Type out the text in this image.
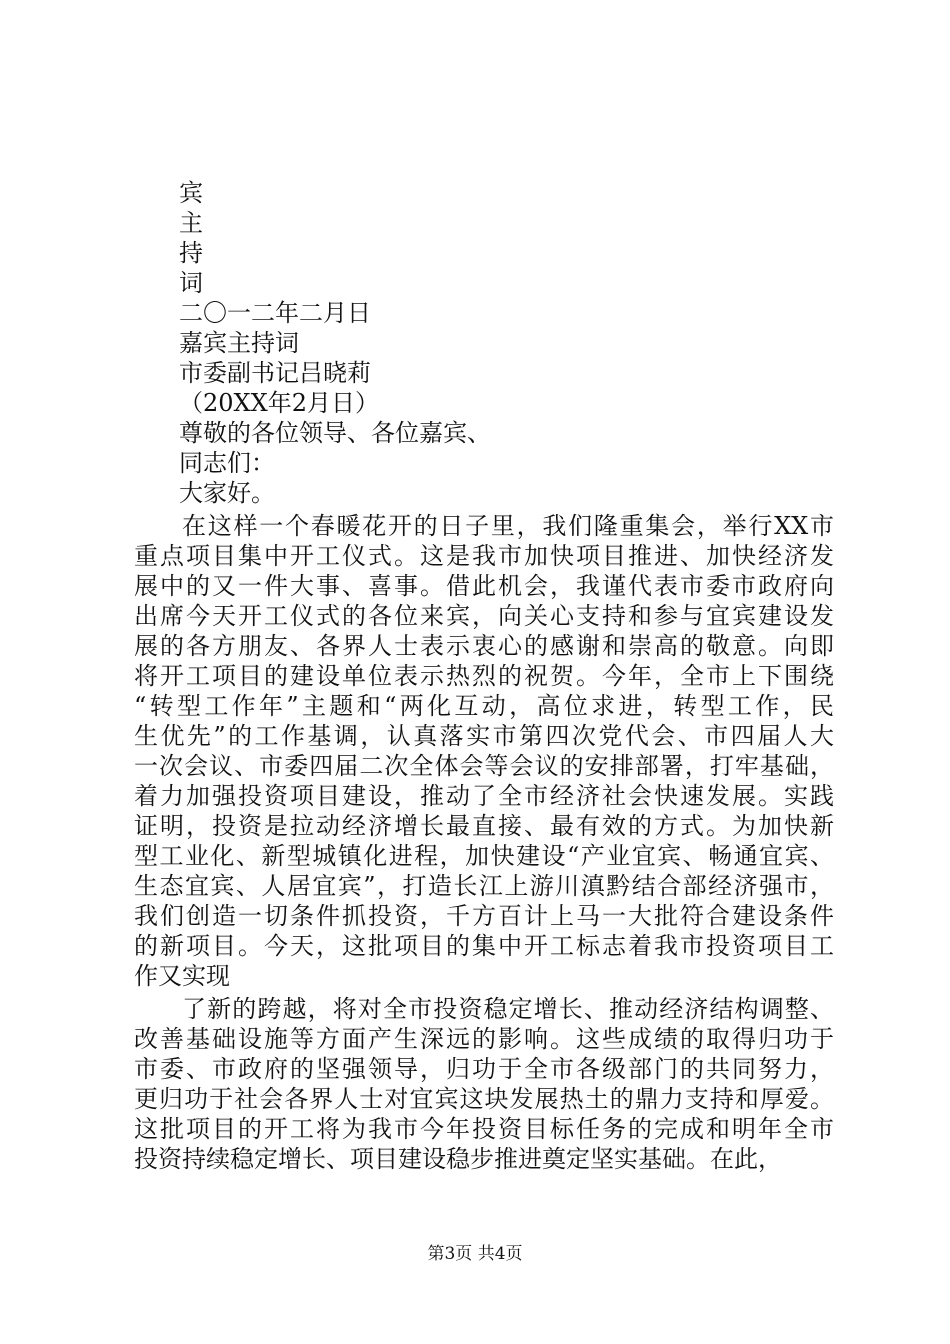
宾
主
持
词
二〇一二年二月日
嘉宾主持词
市委副书记吕晓莉
（20XX年2月日）
尊敬的各位领导、各位嘉宾、
同志们：
大家好。
在这样一个春暖花开的日子里，我们隆重集会，举行XX市
重点项目集中开工仪式。这是我市加快项目推进、加快经济发
展中的又一件大事、喜事。借此机会，我谨代表市委市政府向
出席今天开工仪式的各位来宾，向关心支持和参与宜宾建设发
展的各方朋友、各界人士表示衷心的感谢和崇高的敬意。向即
将开工项目的建设单位表示热烈的祝贺。今年，全市上下围绕
“转型工作年”主题和“两化互动，高位求进，转型工作，民
生优先”的工作基调，认真落实市第四次党代会、市四届人大
一次会议、市委四届二次全体会等会议的安排部署，打牢基础，
着力加强投资项目建设，推动了全市经济社会快速发展。实践
证明，投资是拉动经济增长最直接、最有效的方式。为加快新
型工业化、新型城镇化进程，加快建设“产业宜宾、畅通宜宾、
生态宜宾、人居宜宾”，打造长江上游川滇黔结合部经济强市，
我们创造一切条件抓投资，千方百计上马一大批符合建设条件
的新项目。今天，这批项目的集中开工标志着我市投资项目工
作又实现
了新的跨越，将对全市投资稳定增长、推动经济结构调整、
改善基础设施等方面产生深远的影响。这些成绩的取得归功于
市委、市政府的坚强领导，归功于全市各级部门的共同努力，
更归功于社会各界人士对宜宾这块发展热土的鼎力支持和厚爱。
这批项目的开工将为我市今年投资目标任务的完成和明年全市
投资持续稳定增长、项目建设稳步推进奠定坚实基础。在此，
第3页 共4页
